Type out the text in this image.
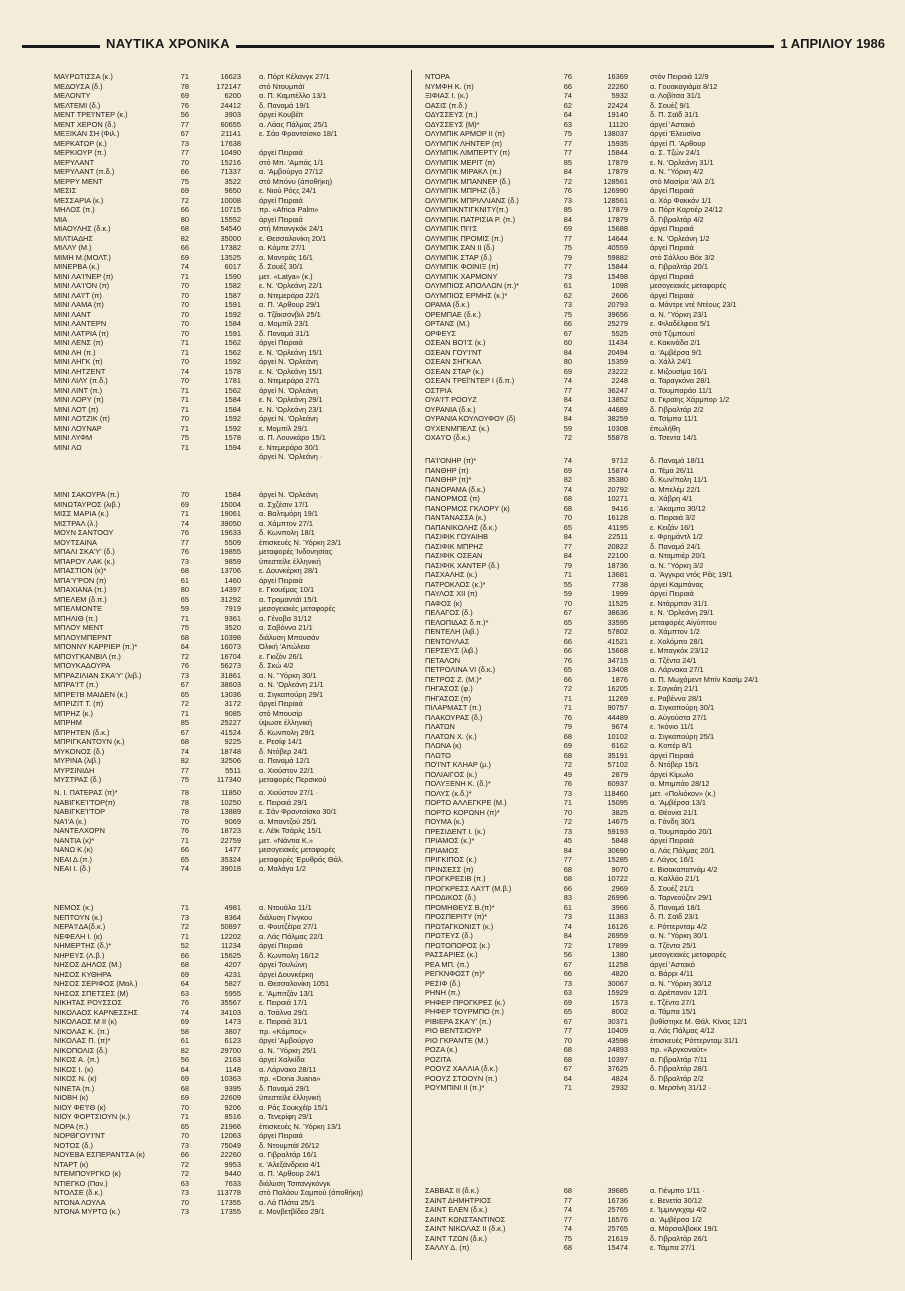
ΝΑΥΤΙΚΑ ΧΡΟΝΙΚΑ	1 ΑΠΡΙΛΙΟΥ 1986
ΜΑΥΡΩΤΙΣΣΑ (κ.)	71	16623	α. Πόρτ Κέλανγκ 27/1
ΜΕΔΟΥΣΑ (δ.)	78	172147	στό Ντουμπάϊ
ΜΕΛΟΝΤΥ	69	6200	α. Π. Καμπέλλο 13/1
ΜΕΛΤΕΜΙ (δ.)	76	24412	δ. Παναμά 19/1
ΜΕΝΤ ΤΡΕΊ'ΝΤΕΡ (κ.)	56	3903	άργεί Κουβέϊτ
ΜΕΝΤ ΧΕΡΟΝ (δ.)	77	60655	α. Λάας Πάλμας 25/1
ΜΕΞΙΚΑΝ ΣΗ (Φιλ.)	67	21141	ε. Σάο Φραντσίσκο 18/1
ΜΕΡΚΑΤΩΡ (κ.)	73	17638
ΜΕΡΚΙΟΥΡ (π.)	77	10490	άργεί Πειραιά
ΜΕΡΥΛΑΝΤ	70	15216	στό Μπ. 'Αμπάς 1/1
ΜΕΡΥΛΑΝΤ (π.δ.)	66	71337	α. 'Αμβούργο 27/12
ΜΕΡΡΥ ΜΕΝΤ	75	3522	στό Μπόνυ (άποθήκη)
ΜΕΣΙΣ	69	9650	ε. Νιού Ρόςς 24/1
ΜΕΣΣΑΡΙΑ (κ.)	72	10008	άργεί Πειραιά
ΜΗΛΟΣ (π.)	66	10715	πρ. «Africa Palm»
ΜΙΑ	80	15552	άργεί Πειραιά
ΜΙΑΟΥΛΗΣ (δ.κ.)	68	54540	στή Μπανγκόκ 24/1
ΜΙΛΤΙΑΔΗΣ	82	35000	ε. Θεσσαλονίκη 20/1
ΜΙΛΛΥ (Μ.)	66	17382	α. Κόμπε 27/1
ΜΙΜΗ Μ.(ΜΟΛΤ.)	69	13525	α. Μαντράς 16/1
ΜΙΝΕΡΒΑ (κ.)	74	6017	δ. Σουέζ 30/1
ΜΙΝΙ ΛΑ'Ι'ΝΕΡ (π)	71	1590	μετ. «Latya» (κ.)
ΜΙΝΙ ΛΑ'Ι'ΟΝ (π)	70	1582	ε. Ν. 'Ορλεάνη 22/1
ΜΙΝΙ ΛΑΊ'Τ (π)	70	1587	α. Ντεμεράρα 22/1
ΜΙΝΙ ΛΑΜΑ (π)	70	1591	α. Π. 'Αρθουρ 29/1
ΜΙΝΙ ΛΑΝΤ	70	1592	α. Τζάκσονβιλ 25/1
ΜΙΝΙ ΛΑΝΤΕΡΝ	70	1584	α. Μομπίλ 23/1
ΜΙΝΙ ΛΑΤΡΙΑ (π)	70	1591	δ. Παναμά 31/1
ΜΙΝΙ ΛΕΝΣ (π)	71	1562	άργεί Πειραιά
ΜΙΝΙ ΛΗ (π.)	71	1562	ε. Ν. 'Ορλεάνη 15/1
ΜΙΝΙ ΛΗΓΚ (π)	70	1592	άργεί Ν. 'Ορλεάνη
ΜΙΝΙ ΛΗΤΖΕΝΤ	74	1578	ε. Ν. 'Ορλεάνη 15/1
ΜΙΝΙ ΛΙΛΥ (π.δ.)	70	1781	α. Ντεμεράρα 27/1
ΜΙΝΙ ΛΙΝΤ (π.)	71	1562	άργεί Ν. 'Ορλεάνη
ΜΙΝΙ ΛΟΡΥ (π)	71	1584	ε. Ν. 'Ορλεάνη 29/1
ΜΙΝΙ ΛΟΤ (π)	71	1584	ε. Ν. 'Ορλεάνη 23/1
ΜΙΝΙ ΛΟΤΖΙΚ (π)	70	1592	άργεί Ν. 'Ορλεάνη
ΜΙΝΙ ΛΟΥΝΑΡ	71	1592	ε. Μομπίλ 29/1
ΜΙΝΙ ΛΥΦΜ	75	1578	α. Π. Λουνκάρο 15/1
ΜΙΝΙ ΛΩ	71	1594	ε. Ντεμεράρα 30/1
άργεί Ν. 'Ορλεάνη ·
ΜΙΝΙ ΣΑΚΟΥΡΑ (π.)	70	1584	άργεί Ν. 'Ορλεάνη
ΜΙΝΩΤΑΥΡΟΣ (λιβ.)	69	15004	α. Σχζέσιν 17/1
ΜΙΣΣ ΜΑΡΙΑ (κ.)	71	19061	α. Βαλτιμόρη 19/1
ΜΙΣΤΡΑΛ (λ.)	74	39050	α. Χάμπτον 27/1
ΜΟΥΝ ΣΑΝΤΟΟΥ	76	19633	δ. Κωνπολη 18/1
ΜΟΥΤΣΑΙΝΑ	77	5509	έπισκευές Ν. Ύόρκη 23/1
ΜΠΑΛΙ ΣΚΑ'Υ' (δ.)	76	19855	μεταφορές Ίνδονησίας
ΜΠΑΡΟΥ ΛΑΚ (κ.)	73	9859	ύπεστείλε έλληνική
ΜΠΑΣΤΙΟΝ (κ)*	68	13706	ε. Δουνκέρκη 28/1
ΜΠΑ'Υ'ΡΟΝ (π)	61	1460	άργεί Πειραιά
ΜΠΑΧΙΑΝΑ (π.)	80	14397	ε. Γκουέμας 10/1
ΜΠΕΛΕΜ (δ.π.)	65	31292	α. Τραμαντάϊ 15/1
ΜΠΕΛΜΟΝΤΕ	59	7919	μεσογειακές μεταφορές
ΜΠΗΛΙΘ (π.)	71	9361	α. Γένοβα 31/12
ΜΠΛΟΥ ΜΕΝΤ	75	3520	α. Σαβόννα 21/1
ΜΠΛΟΥΜΠΕΡΝΤ	68	10398	διάλυση Μπουσάν
ΜΠΟΝΝΥ ΚΑΡΡΙΕΡ (π.)*	64	16073	Όλική 'Απώλεια
ΜΠΟΥΓΚΑΝΒΙΛ (π.)	72	16704	ε. Γκιζόν 26/1
ΜΠΟΥΚΑΔΟΥΡΑ	76	56273	δ. Σκώ 4/2
ΜΠΡΑΖΙΛΙΑΝ ΣΚΑ'Υ' (λιβ.)	73	31861	α. Ν. 'Ύόρκη 30/1
ΜΠΡΑ'Ι'Τ (π.)	67	38603	α. Ν. 'Ορλεάνη 21/1
ΜΠΡΕΊ'Β ΜΑΙΔΕΝ (κ.)	65	13036	α. Σιγκαπούρη 29/1
ΜΠΡΙΖΙΤ Τ. (π)	72	3172	άργεί Πειραιά
ΜΠΡΗΖ (κ.)	71	9085	στό Μπουσίρ
ΜΠΡΗΜ	85	25227	ύψωσε έλληνική
ΜΠΡΗΤΕΝ (δ.κ.)	67	41524	δ. Κωνπολη 29/1
ΜΠΡΙΓΚΑΝΤΟΥΝ (κ.)	68	9225	ε. Ρεσίφ 14/1
ΜΥΚΟΝΟΣ (δ.)	74	18748	δ. Ντόβερ 24/1
ΜΥΡΙΝΑ (λιβ.)	82	32506	α. Παναμά 12/1
ΜΥΡΣΙΝΙΔΗ	77	5511	α. Χιούστον 22/1
ΜΥΣΤΡΑΣ (δ.)	75	117340	μεταφορές Περσικού
Ν. Ι. ΠΑΤΕΡΑΣ (π)*	78	11850	α. Χιούστον 27/1 ·
ΝΑΒΙΓΚΕ'Ι'ΤΟΡ(π)	78	10250	ε. Πειραιά 29/1
ΝΑΒΙΓΚΕ'Ι'ΤΟΡ	78	13889	ε. Σάν Φραντσίσκο 30/1
ΝΑ'Ι'Α (κ.)	70	9069	α. Μπαντζού 25/1
ΝΑΝΤΕΛΧΟΡΝ	76	18723	ε. Λέϊκ Τσάρλς 15/1
ΝΑΝΤΙΑ (κ)*	71	22759	μετ. «Νάντια Κ.»
ΝΑΝΩ Κ.(κ)	66	1477	μεσογειακές μεταφορές
ΝΕΑΙ Δ.(π.)	65	35324	μεταφορές Έρυθράς Θάλ.
ΝΕΑΙ Ι. (δ.)	74	39018	α. Μαλάγα 1/2
ΝΕΜΟΣ (κ.)	71	4981	α. Ντουάλα 11/1
ΝΕΠΤΟΥΝ (κ.)	73	8364	διάλυση Γίνγκου
ΝΕΡΑ'Ι'ΔΑ(δ.κ.)	72	50897	α. Φουτζέϊρα 27/1
ΝΕΦΕΛΗ Ι. (κ)	71	12202	α. Λάς Πάλμας 22/1
ΝΗΜΕΡΤΗΣ (δ.)*	52	11234	άργεί Πειραιά
ΝΗΡΕΥΣ (Λ.β.)	66	15625	δ. Κωνπολη 16/12
ΝΗΣΟΣ ΔΗΛΟΣ (Μ.)	68	4207	άργεί Τουλώνη
ΝΗΣΟΣ ΚΥΘΗΡΑ	69	4231	άργεί Δουνκέρκη
ΝΗΣΟΣ ΣΕΡΙΦΟΣ (Μαλ.)	64	5827	α. Θεσσαλονίκη 1051
ΝΗΣΟΣ ΣΠΕΤΣΕΣ (Μ)	63	5955	ε. 'Αμπιτζάν 13/1
ΝΙΚΗΤΑΣ ΡΟΥΣΣΟΣ	76	35567	ε. Πειραιά 17/1
ΝΙΚΟΛΑΟΣ ΚΑΡΝΕΣΣΗΣ	74	34103	α. Τσάλνα 29/1
ΝΙΚΟΛΑΟΣ Μ ΙΙ (κ)	69	1473	ε. Πειραιά 31/1
ΝΙΚΟΛΑΣ Κ. (π.)	58	3807	πρ. «Κόμπος»
ΝΙΚΟΛΑΣ Π. (π)*	61	6123	άργεί 'Αμβούργο
ΝΙΚΟΠΟΛΙΣ (δ.)	82	29700	α. Ν. 'Ύόρκη 25/1
ΝΙΚΟΣ Α. (π.)	56	2163	άργεί Χαλκίδα
ΝΙΚΟΣ Ι. (κ)	64	1148	α. Λάρνακα 28/11
ΝΙΚΟΣ Ν. (κ)	69	10363	πρ. «Dona Juana»
ΝΙΝΕΤΑ (π.)	68	9395	δ. Παναμά 29/1
ΝΙΟΒΗ (κ)	69	22609	ύπεστείλε έλληνική
ΝΙΟΥ ΦΕ'Ι'Θ (κ)	70	9206	α. Ράς Σουκχέϊρ 15/1
ΝΙΟΥ ΦΟΡΤΣΙΟΥΝ (κ.)	71	8516	α. Τενερίφη 29/1
ΝΟΡΑ (π.)	65	21966	έπισκευές Ν. Ύόρκη 13/1
ΝΟΡΘΓΟΥ'Ι'ΝΤ	70	12063	άργεί Πειραιά
ΝΟΤΟΣ (δ.)	73	75049	δ. Ντουμπάϊ 26/12
ΝΟΥΕΒΑ ΕΣΠΕΡΑΝΤΣΑ (κ)	66	22260	α. Γιβραλτάρ 16/1
ΝΤΑΡΤ (κ)	72	9953	ε. 'Αλεξάνδρεια 4/1
ΝΤΕΜΠΟΥΡΓΚΟ (κ)	72	9440	α. Π. 'Αρθουρ 24/1
ΝΤΙΕΓΚΟ (Παν.)	63	7633	διάλυση Τσιτανγκόνγκ
ΝΤΟΛΣΕ (δ.κ.)	73	113778	στό Παλάου Σαμπού (άποθήκη)
ΝΤΟΝΑ ΛΟΥΛΑ	70	17355	α. Λά Πλάτα 25/1
ΝΤΟΝΑ ΜΥΡΤΩ (κ.)	73	17355	ε. Μονβετβίδεο 29/1
ΝΤΟΡΑ	76	16369	στόν Πειραιά 12/9
ΝΥΜΦΗ Κ. (π)	66	22260	α. Γουακαγιάμα 8/12
ΞΙΦΙΑΣ Ι. (κ.)	74	5932	α. Λοβίτσα 31/1
ΟΑΣΙΣ (π.δ.)	62	22424	δ. Σουέζ 9/1
ΟΔΥΣΣΕΥΣ (π.)	64	19140	δ. Π. Σαϊδ 31/1
ΟΔΥΣΣΕΥΣ (Μ)*	63	11120	άργεί 'Αστακό
ΟΛΥΜΠΙΚ ΑΡΜΟΡ ΙΙ (π)	75	138037	άργεί 'Ελευσίνα
ΟΛΥΜΠΙΚ ΛΗΝΤΕΡ (π)	77	15935	άργεί Π. 'Αρθουρ
ΟΛΥΜΠΙΚ ΛΙΜΠΕΡΤΥ (π)	77	15844	α. Σ. Τζών 24/1
ΟΛΥΜΠΙΚ ΜΕΡΙΤ (π)	85	17879	ε. Ν. 'Ορλεάνη 31/1
ΟΛΥΜΠΙΚ ΜΙΡΑΚΛ (π.)	84	17879	α. Ν. 'Ύόρκη 4/2
ΟΛΥΜΠΙΚ ΜΠΑΝΝΕΡ (δ.)	72	128561	στό Μασίρα 'Αϊλ 2/1
ΟΛΥΜΠΙΚ ΜΠΡΗΖ (δ.)	76	126990	άργεί Πειραιά
ΟΛΥΜΠΙΚ ΜΠΡΙΛΛΙΑΝΣ (δ.)	73	128561	α. Χόρ Φακκάν 1/1
ΟΛΥΜΠΙΚΝΤΙΓΚΝΙΤΥ(π.)	85	17879	α. Πόρτ Καρτιέρ 24/12
ΟΛΥΜΠΙΚ ΠΑΤΡΙΣΙΑ Ρ. (π.)	84	17879	δ. Γιβραλτάρ 4/2
ΟΛΥΜΠΙΚ ΠΙ'Ι'Σ	69	15688	άργεί Πειραιά
ΟΛΥΜΠΙΚ ΠΡΟΜΙΣ (π.)	77	14644	ε. Ν. 'Ορλεάνη 1/2
ΟΛΥΜΠΙΚ ΣΑΝ ΙΙ (δ.)	75	40559	άργεί Πειραιά
ΟΛΥΜΠΙΚ ΣΤΑΡ (δ.)	79	59882	στό Σάλλου Βόε 3/2
ΟΛΥΜΠΙΚ ΦΟΙΝΙΞ (π)	77	15844	α. Γιβραλτάρ 20/1
ΟΛΥΜΠΙΚ ΧΑΡΜΟΝΥ	73	15498	άργεί Πειραιά
ΟΛΥΜΠΙΟΣ ΑΠΟΛΛΩΝ (π.)*	61	1098	μεσογειακές μεταφορές
ΟΛΥΜΠΙΟΣ ΕΡΜΗΣ (κ.)*	62	2606	άργεί Πειραιά
ΟΡΑΜΑ (δ.κ.)	73	20793	α. Μάντρε ντέ Ντέους 23/1
ΟΡΕΜΠΑΕ (δ.κ.)	75	39656	α. Ν. 'Ύόρκη 23/1
ΟΡΤΑΝΣ (Μ.)	66	25279	ε. Φιλαδέλφεια 5/1
ΟΡΦΕΥΣ	67	5525	στό Τζιμπουτί
ΟΣΕΑΝ ΒΟ'Ι'Σ (κ.)	60	11434	ε. Κακινάδα 2/1
ΟΣΕΑΝ ΓΟΥ'Ι'ΝΤ	84	20494	α. 'Αμβέρσα 9/1
ΟΣΕΑΝ ΣΗΓΚΑΛ	80	15359	α. Χάλλ 24/1
ΟΣΕΑΝ ΣΤΑΡ (κ.)	69	23222	ε. Μιζουσίμα 16/1
ΟΣΕΑΝ ΤΡΕΪ'ΝΤΕΡ Ι (δ.π.)	74	2248	α. Ταραγκόνα 28/1
ΟΣΤΡΙΑ	77	36247	α. Τουμπαράο 11/1
ΟΥΑ'Ι'Τ ΡΟΟΥΖ	84	13852	α. Γκραϊης Χάρμπορ 1/2
ΟΥΡΑΝΙΑ (δ.κ.)	74	44689	δ. Γιβραλτάρ 2/2
ΟΥΡΑΝΙΑ ΚΟΥΛΟΥΦΟΥ (δ)	84	38259	α. Τσίμπα 11/1
ΟΥΧΕΝΜΠΕΛΣ (κ.)	59	10308	έπωλήθη
ΟΧΑ'Ι'Ο (δ.κ.)	72	55878	α. Τσεντα 14/1
ΠΑ'Ι'ΟΝΗΡ (π)*	74	9712	δ. Παναμά 18/11
ΠΑΝΘΗΡ (π)	69	15874	α. Τέμα 26/11
ΠΑΝΘΗΡ (π)*	82	35380	δ. Κων/πολη 11/1
ΠΑΝΟΡΑΜΑ (δ.κ.)	74	20792	α. Μπελέμ 22/1
ΠΑΝΟΡΜΟΣ (π)	68	10271	α. Χάβρη 4/1
ΠΑΝΟΡΜΟΣ ΓΚΛΟΡΥ (κ)	68	9416	ε. 'Ακαμπα 30/12
ΠΑΝΤΑΝΑΣΣΑ (κ.)	70	16128	α. Πειραιά 3/2
ΠΑΠΑΝΙΚΟΛΗΣ (δ.κ.)	65	41195	ε. Κειζάν 16/1
ΠΑΣΙΦΙΚ ΓΟΥΑΙΗΒ	84	22511	ε. Φρημάντλ 1/2
ΠΑΣΙΦΙΚ ΜΠΡΗΖ	77	20822	δ. Παναμά 24/1
ΠΑΣΙΦΙΚ ΟΣΕΑΝ	84	22100	α. Νταμπιέρ 20/1
ΠΑΣΙΦΙΚ ΧΑΝΤΕΡ (δ.)	79	18736	α. Ν. 'Ύόρκη 3/2
ΠΑΣΧΑΛΗΣ (κ.)	71	13681	α. 'Αγγκρα ντός Ρέϊς 19/1
ΠΑΤΡΟΚΛΟΣ (κ.)*	55	7738	άργεί Καμπάνας
ΠΑΥΛΟΣ ΧΙΙ (π)	59	1999	άργεί Πειραιά
ΠΑΦΟΣ (κ)	70	11525	ε. Ντάρμπαν 31/1
ΠΕΛΑΓΟΣ (δ.)	67	38636	ε. Ν. 'Ορλεάνη 29/1
ΠΕΛΟΠΙΔΑΣ δ.π.)*	65	33595	μεταφορές Αίγύπτου
ΠΕΝΤΕΛΗ (λιβ.)	72	57802	α. Χάμπτον 1/2
ΠΕΝΤΟΥΛΑΣ	66	41521	ε. Χολόμπο 28/1
ΠΕΡΣΕΥΣ (λιβ.)	66	15668	ε. Μπαγκόκ 23/12
ΠΕΤΑΛΟΝ	76	34715	α. Τζέντα 24/1
ΠΕΤΡΟΛΙΝΑ VΙ (δ.κ.)	65	13408	α. Λάρνακα 27/1
ΠΕΤΡΟΣ Ζ. (Μ.)*	66	1876	α. Π. Μωχάμεντ Μπίν Κασίμ 24/1
ΠΗΓΑΣΟΣ (φ.)	72	16205	ε. Σαγκάη 21/1
ΠΗΓΑΣΟΣ (π)	71	11269	ε. Ραβέννα 28/1
ΠΙΛΑΡΜΑΣΤ (π.)	71	90757	α. Σιγκαπούρη 30/1
ΠΛΑΚΟΥΡΑΣ (δ.)	76	44489	α. Αύγούστα 27/1
ΠΛΑΤΩΝ	79	9674	ε. 'Ικόνιο 11/1
ΠΛΑΤΩΝ Χ. (κ.)	68	10102	α. Σιγκαπούρη 25/1
ΠΛΩΝΑ (κ)	69	6162	α. Κοπέρ 8/1
ΠΛΩΤΟ	68	35191	άργεί Πειραιά
ΠΟ'Ι'ΝΤ ΚΛΗΑΡ (μ.)	72	57102	δ. Ντόβερ 15/1
ΠΟΛΙΑΙΓΟΣ (κ.)	49	2879	άργεί Κίμωλο
ΠΟΛΥΞΕΝΗ Κ. (δ.)*	76	60937	α. Μπιμπάο 28/12
ΠΟΛΥΣ (κ.δ.)*	73	118460	μετ. «Πολιόκον» (κ.)
ΠΟΡΤΟ ΑΛΛΕΓΚΡΕ (Μ.)	71	15095	α. 'Αμβέρσα 13/1
ΠΟΡΤΟ ΚΟΡΩΝΗ (π)*	70	3825	α. Θέονια 21/1
ΠΟΥΜΑ (κ.)	72	14675	α. Γάνδη 30/1
ΠΡΕΣΙΔΕΝΤ Ι. (κ.)	73	59193	α. Τουμπαράο 20/1
ΠΡΙΑΜΟΣ (κ.)*	45	5848	άργεί Πειραιά
ΠΡΙΑΜΟΣ	84	30690	α. Λάς Πάλμας 20/1
ΠΡΙΓΚΙΠΟΣ (κ.)	77	15285	ε. Λάγος 16/1
ΠΡΙΝΣΕΣΣ (π)	68	9070	ε. Βισακαπατνάμ 4/2
ΠΡΟΓΚΡΕΣΙΒ (π.)	68	10722	α. Καλλάο 21/1
ΠΡΟΓΚΡΕΣΣ ΛΑ'Ι'Τ (Μ.β.)	66	2969	δ. Σουέζ 21/1
ΠΡΟΔΙΚΟΣ (δ.)	83	26996	α. Ταρνεούζεν 29/1
ΠΡΟΜΗΘΕΥΣ Β.(π)*	61	3966	δ. Παναμά 18/1
ΠΡΟΣΠΕΡΙΤΥ (π)*	73	11383	δ. Π. Σαϊδ 23/1
ΠΡΩΤΑΓΚΟΝΙΣΤ (κ.)	74	16126	ε. Ρόττερνταμ 4/2
ΠΡΩΤΕΥΣ (δ.)	84	26959	α. Ν. 'Ύόρκη 30/1
ΠΡΩΤΟΠΟΡΟΣ (κ.)	72	17899	α. Τζέντα 25/1
ΡΑΣΣΑΡΙΕΣ (κ.)	56	1380	μεσογειακές μεταφορές
ΡΕΑ ΜΠ. (π.)	67	11258	άργεί 'Αστακό
ΡΕΓΚΝΦΟΣΤ (π)*	66	4820	α. Βάρρι 4/11
ΡΕΣΙΦ (δ.)	73	30067	α. Ν. 'Ύόρκη 30/12
ΡΗΝΗ (π.)	63	15929	α. Δρέπανον 12/1
ΡΗΦΕΡ ΠΡΟΓΚΡΕΣ (κ.)	69	1573	ε. Τζέντα 27/1
ΡΗΦΕΡ ΤΟΥΡΜΠΟ (π.)	65	8002	α. Τάμπα 15/1
ΡΙΒΙΕΡΑ ΣΚΑ'Υ' (π.)	67	30371	βυθίστηκε Μ. Θάλ. Κίνας 12/1
ΡΙΟ ΒΕΝΤΣΙΟΥΡ	77	10409	α. Λάς Πάλμας 4/12
ΡΙΟ ΓΚΡΑΝΤΕ (Μ.)	70	43598	έπισκευές Ρόττερνταμ 31/1
ΡΟΖΑ (κ.)	68	24893	πρ. «Άργκοναύτ»
ΡΟΖΙΤΑ	68	10397	α. Γιβραλτάρ 7/11
ΡΟΟΥΖ ΧΑΛΛΙΑ (δ.κ.)	67	37625	δ. Γιβραλτάρ 28/1
ΡΟΟΥΖ ΣΤΟΟΥΝ (π.)	64	4824	δ. Γιβραλτάρ 2/2
ΡΟΥΜΠΙΝΙ ΙΙ (π.)*	71	2932	α. Μερσίνη 31/12 ·
ΣΑΒΒΑΣ ΙΙ (δ.κ.)	68	39685	α. Γιένμπο 1/11 ·
ΣΑΙΝΤ ΔΗΜΗΤΡΙΟΣ	77	16736	ε. Βενετία 30/12
ΣΑΙΝΤ ΕΛΕΝ (δ.κ.)	74	25765	ε. 'Ιμμινγκχαμ 4/2
ΣΑΙΝΤ ΚΩΝΣΤΑΝΤΙΝΟΣ	77	16576	α. 'Αμβέρσα 1/2
ΣΑΙΝΤ ΝΙΚΟΛΑΣ ΙΙ (δ.κ.)	74	25765	α. Μάρσαλβοκκ 19/1
ΣΑΙΝΤ ΤΖΩΝ (δ.κ.)	75	21619	δ. Γιβραλτάρ 26/1
ΣΑΛΛΥ Δ. (π)	68	15474	ε. Τάμπα 27/1
